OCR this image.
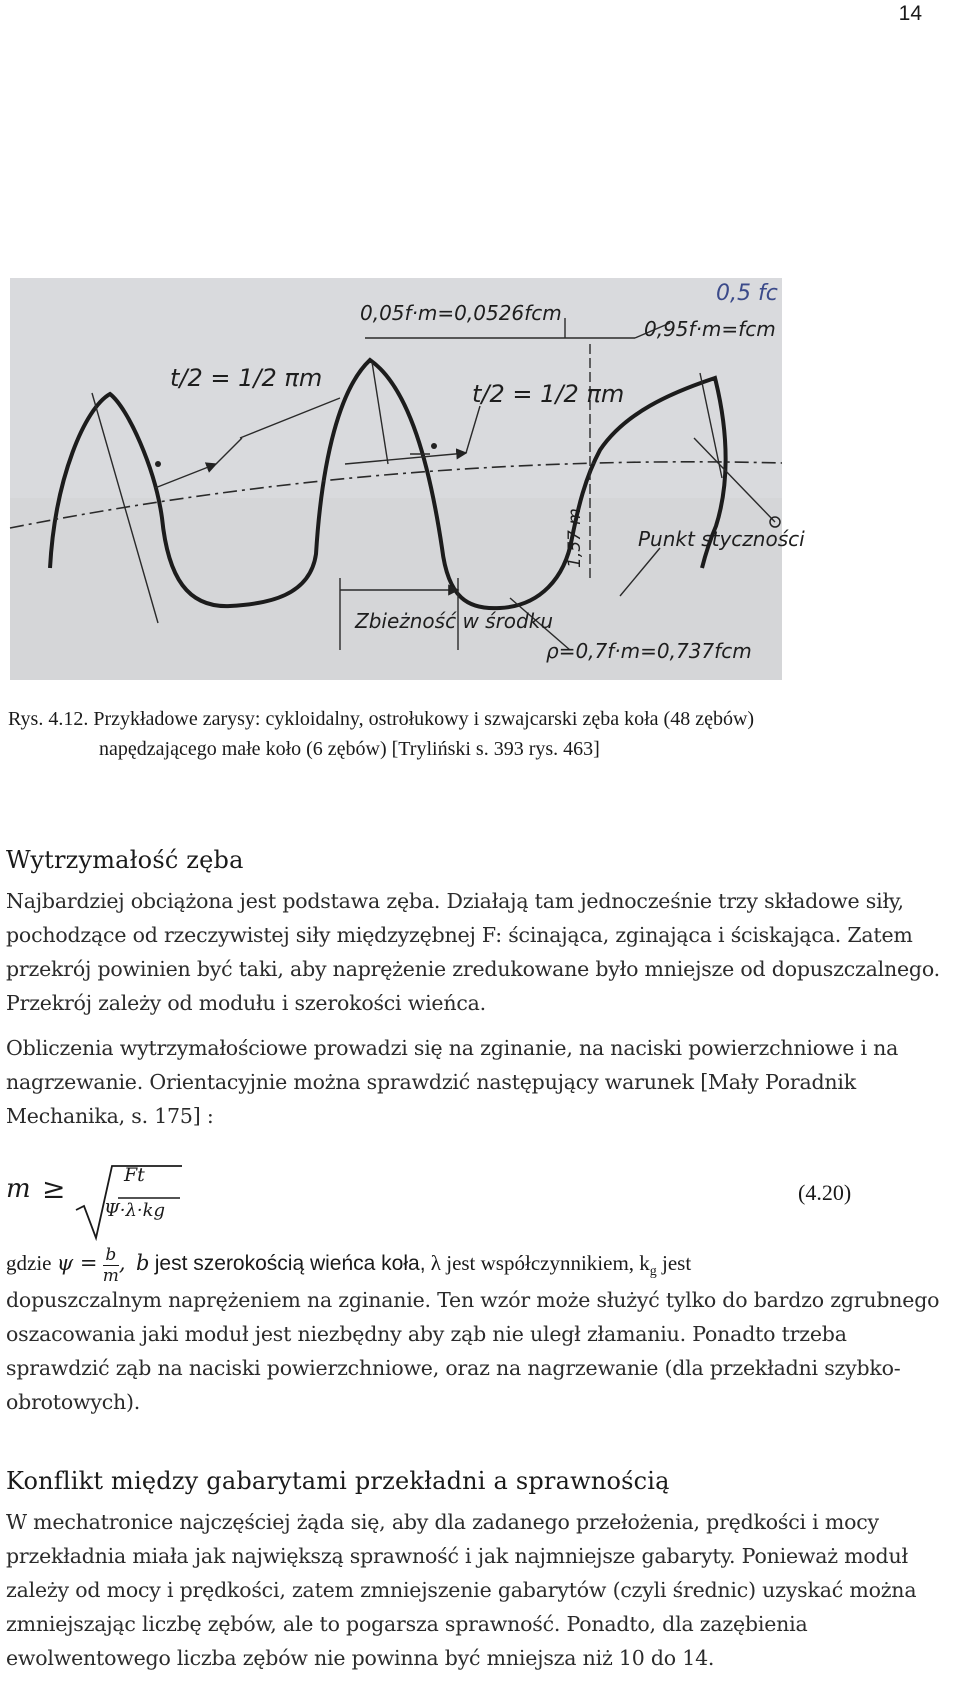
14
0,05f·m=0,0526fcm
0,95f·m=fcm
0,5 fc
t/2 = 1/2 πm
t/2 = 1/2 πm
1,57·m	Punkt styczności
Zbieżność w środku
ρ=0,7f·m=0,737fcm
Rys. 4.12. Przykładowe zarysy: cykloidalny, ostrołukowy i szwajcarski zęba koła (48 zębów)
napędzającego małe koło (6 zębów) [Tryliński s. 393 rys. 463]
Wytrzymałość zęba

Najbardziej obciążona jest podstawa zęba. Działają tam jednocześnie trzy składowe siły, pochodzące od rzeczywistej siły międzyzębnej F: ścinająca, zginająca i ściskająca. Zatem przekrój powinien być taki, aby naprężenie zredukowane było mniejsze od dopuszczalnego. Przekrój zależy od modułu i szerokości wieńca.

Obliczenia wytrzymałościowe prowadzi się na zginanie, na naciski powierzchniowe i na nagrzewanie. Orientacyjnie można sprawdzić następujący warunek [Mały Poradnik Mechanika, s. 175] :

m ≥	Ft
Ψ·λ·kg
(4.20)
gdzie $\psi = \frac{b}{m}$ , b jest szerokością wieńca koła, λ jest współczynnikiem, $k_g$ jest

dopuszczalnym naprężeniem na zginanie. Ten wzór może służyć tylko do bardzo zgrubnego oszacowania jaki moduł jest niezbędny aby ząb nie uległ złamaniu. Ponadto trzeba sprawdzić ząb na naciski powierzchniowe, oraz na nagrzewanie (dla przekładni szybko-obrotowych).

Konflikt między gabarytami przekładni a sprawnością

W mechatronice najczęściej żąda się, aby dla zadanego przełożenia, prędkości i mocy przekładnia miała jak największą sprawność i jak najmniejsze gabaryty. Ponieważ moduł zależy od mocy i prędkości, zatem zmniejszenie gabarytów (czyli średnic) uzyskać można zmniejszając liczbę zębów, ale to pogarsza sprawność. Ponadto, dla zazębienia ewolwentowego liczba zębów nie powinna być mniejsza niż 10 do 14.
